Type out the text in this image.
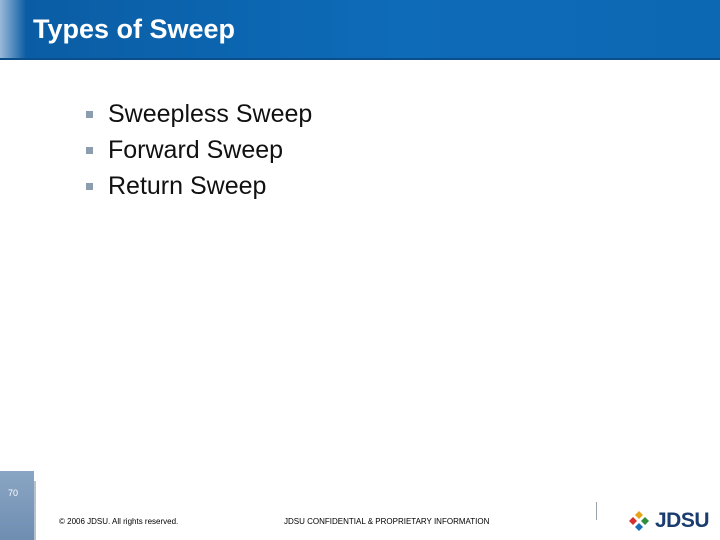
Types of Sweep
Sweepless Sweep
Forward Sweep
Return Sweep
70
© 2006 JDSU. All rights reserved.	JDSU CONFIDENTIAL & PROPRIETARY INFORMATION	JDSU
